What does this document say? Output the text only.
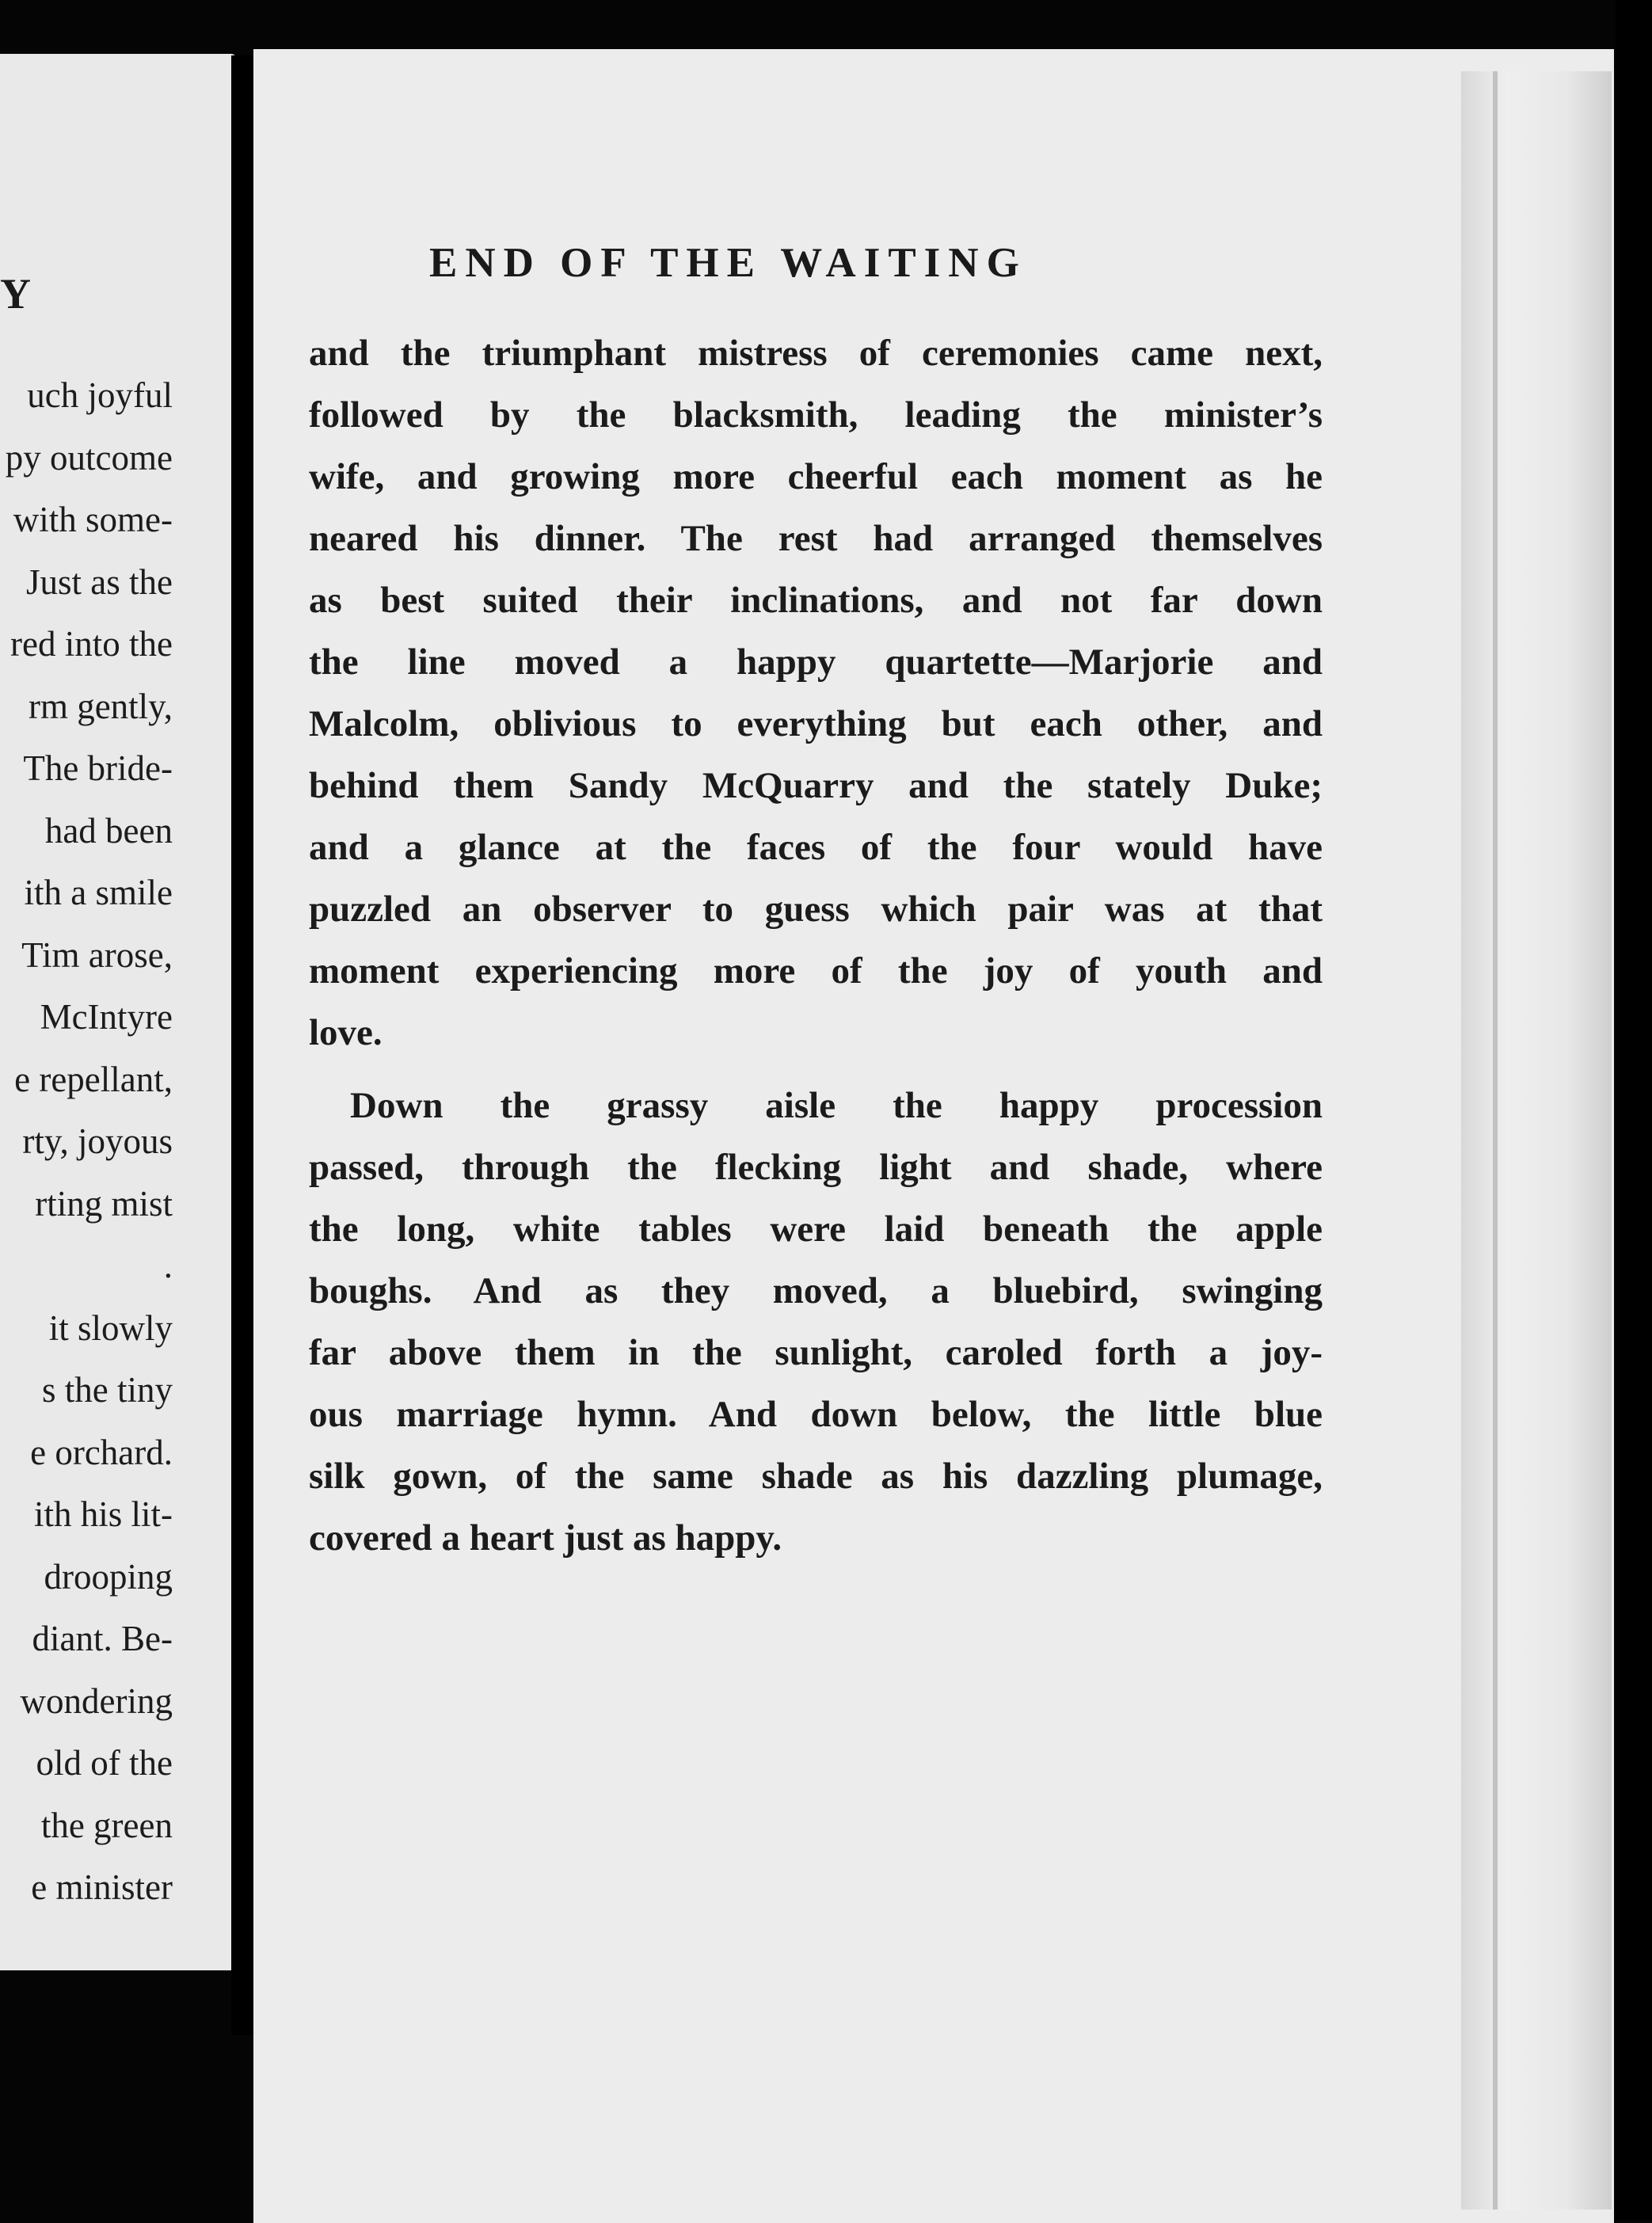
Y
uch joyful
py outcome
with some-
Just as the
red into the
rm gently,
The bride-
had been
ith a smile
Tim arose,
McIntyre
e repellant,
rty, joyous
rting mist
.
it slowly
s the tiny
e orchard.
ith his lit-
drooping
diant. Be-
wondering
old of the
the green
e minister
END OF THE WAITING
and the triumphant mistress of ceremonies came next,
followed by the blacksmith, leading the minister’s
wife, and growing more cheerful each moment as he
neared his dinner. The rest had arranged themselves
as best suited their inclinations, and not far down
the line moved a happy quartette—Marjorie and
Malcolm, oblivious to everything but each other, and
behind them Sandy McQuarry and the stately Duke;
and a glance at the faces of the four would have
puzzled an observer to guess which pair was at that
moment experiencing more of the joy of youth and
love.
Down the grassy aisle the happy procession
passed, through the flecking light and shade, where
the long, white tables were laid beneath the apple
boughs. And as they moved, a bluebird, swinging
far above them in the sunlight, caroled forth a joy-
ous marriage hymn. And down below, the little blue
silk gown, of the same shade as his dazzling plumage,
covered a heart just as happy.
